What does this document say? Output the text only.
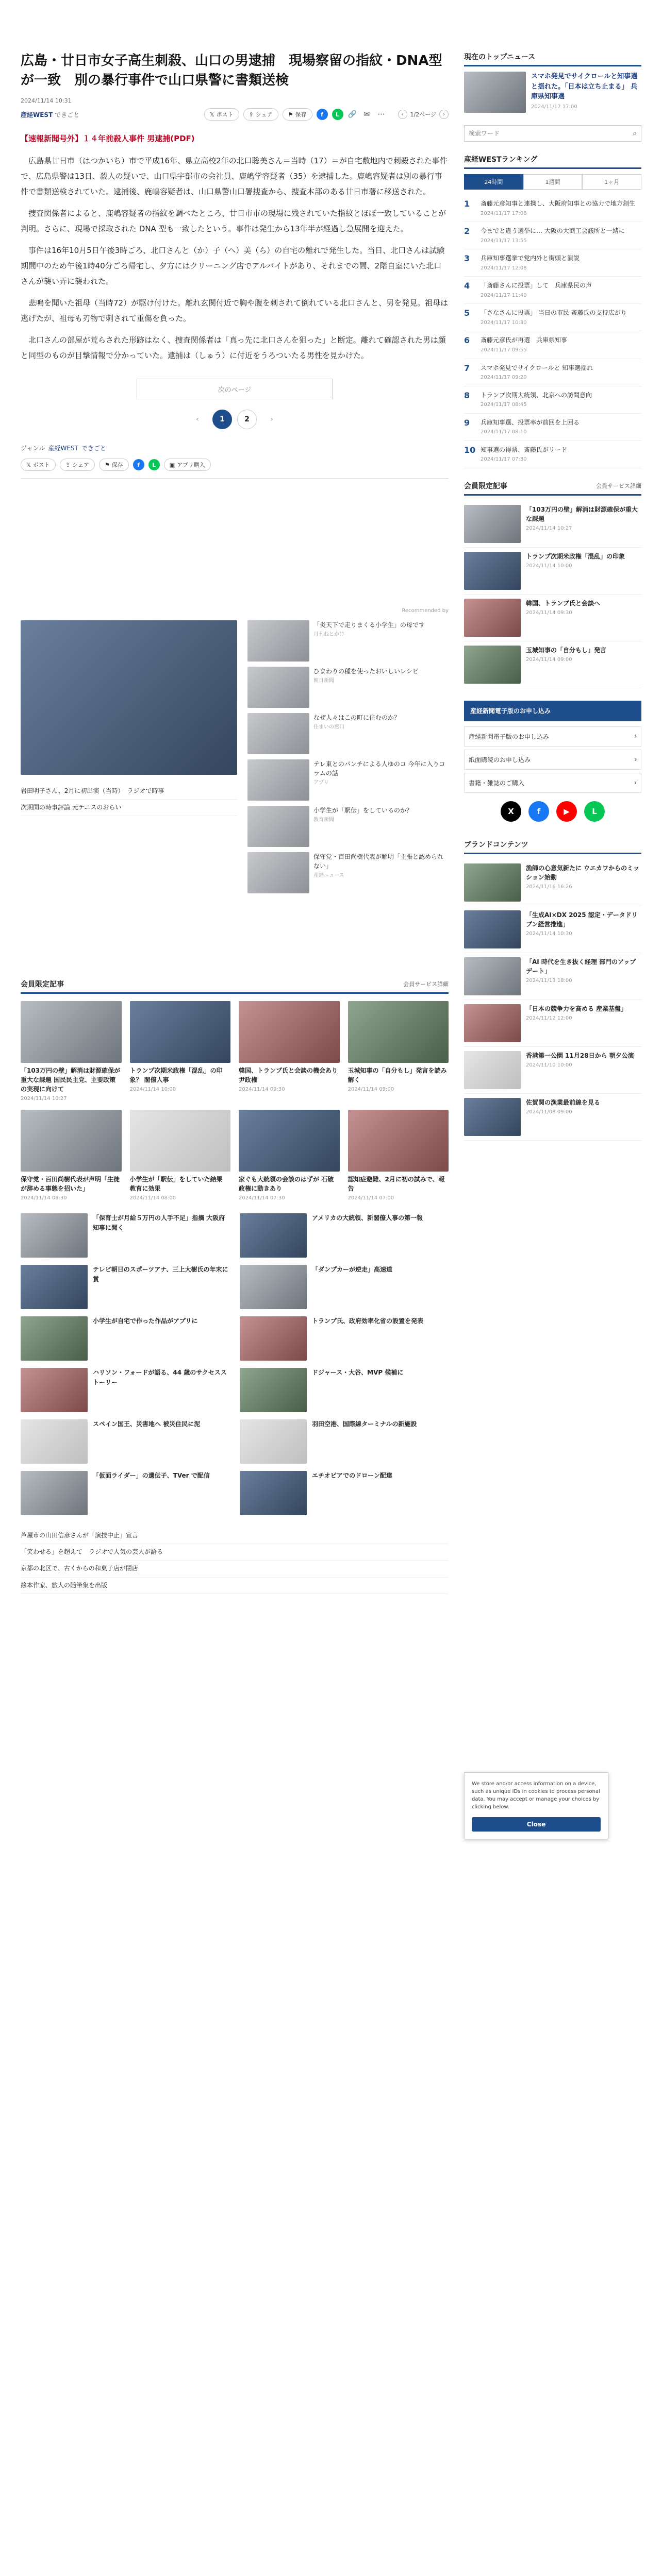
広島・廿日市女子高生刺殺、山口の男逮捕　現場察留の指紋・DNA型が一致　別の暴行事件で山口県警に書類送検
2024/11/14 10:31
産経WEST できごと	𝕏 ポスト	⇪ シェア	⚑ 保存	f	L	🔗 ✉ ⋯	‹	1/2ページ	›
【速報新聞号外】１４年前殺人事件 男逮捕(PDF)

広島県廿日市（はつかいち）市で平成16年、県立高校2年の北口聡美さん＝当時（17）＝が自宅敷地内で刺殺された事件で、広島県警は13日、殺人の疑いで、山口県宇部市の会社員、鹿嶋学容疑者（35）を逮捕した。鹿嶋容疑者は別の暴行事件で書類送検されていた。逮捕後、鹿嶋容疑者は、山口県警山口署捜査から、捜査本部のある廿日市署に移送された。

捜査関係者によると、鹿嶋容疑者の指紋を調べたところ、廿日市市の現場に残されていた指紋とほぼ一致していることが判明。さらに、現場で採取された DNA 型も一致したという。事件は発生から13年半が経過し急展開を迎えた。

事件は16年10月5日午後3時ごろ、北口さんと（か）子（へ）美（ら）の自宅の離れで発生した。当日、北口さんは試験期間中のため午後1時40分ごろ帰宅し、夕方にはクリーニング店でアルバイトがあり、それまでの間、2階自室にいた北口さんが襲い弄に襲われた。

悲鳴を聞いた祖母（当時72）が駆け付けた。離れ玄関付近で胸や腹を刺されて倒れている北口さんと、男を発見。祖母は逃げたが、祖母も刃物で刺されて重傷を負った。

北口さんの部屋が荒らされた形跡はなく、捜査関係者は「真っ先に北口さんを狙った」と断定。離れて確認された男は顔と同型のものが目撃情報で分かっていた。逮捕は（しゅう）に付近をうろついたる男性を見かけた。

次のページ
‹	1	2	›
ジャンル 産経WEST できごと
𝕏 ポスト	⇪ シェア	⚑ 保存	f	L	▣ アプリ購入
Recommended by
「炎天下で走りまくる小学生」の母です
月刊ねとかけ
ひまわりの種を使ったおいしいレシピ
朝日新聞
なぜ人々はこの町に住むのか？
住まいの窓口
テレ東とのパンチによる人ゆのコ 今年に入りコラムの話
アプリ
小学生が「駅伝」をしているのか？
教育新聞
保守党・百田尚樹代表が解明「主張と認められない」
産経ニュース
岩田明子さん、2月に初出演（当時）　ラジオで時事
次期開の時事評論 元テニスのおらい
会員限定記事	会員サービス詳細
「103万円の壁」解消は財源確保が重大な課題 国民民主党、主要政策の実現に向けて
2024/11/14 10:27
トランプ次期米政権「混乱」の印象？ 閣僚人事
2024/11/14 10:00
韓国、トランプ氏と会談の機会あり 尹政権
2024/11/14 09:30
玉城知事の「自分もし」発言を読み解く
2024/11/14 09:00
保守党・百田尚樹代表が声明「生徒が辞める事態を招いた」
2024/11/14 08:30
小学生が「駅伝」をしていた結果 教育に効果
2024/11/14 08:00
家ぐも大統領の会談のはずが 石破政権に動きあり
2024/11/14 07:30
認知症避難、2月に初の試みで、報告
2024/11/14 07:00
「保育士が月給５万円の人手不足」指摘 大阪府知事に聞く
テレビ朝日のスポーツアナ、三上大樹氏の年末に賞
小学生が自宅で作った作品がアプリに
ハリソン・フォードが語る、44 歳のサクセスストーリー
スペイン国王、災害地へ 被災住民に泥
「仮面ライダー」の遺伝子、TVer で配信
アメリカの大統領、新閣僚人事の第一報
「ダンプカーが逆走」高速道
トランプ氏、政府効率化省の設置を発表
ドジャース・大谷、MVP 候補に
羽田空港、国際線ターミナルの新施設
エチオピアでのドローン配達
芦屋市の山田信彦さんが「演技中止」宣言
「笑わせる」を超えて　ラジオで人気の芸人が語る
京都の北区で、古くからの和菓子店が閉店
絵本作家、旅人の随筆集を出版
現在のトップニュース
スマホ発見でサイクロールと知事選と揺れた。「日本は立ち止まる」 兵庫県知事選
2024/11/17 17:00
検索ワード
⌕
産経WESTランキング
24時間	1週間	1ヶ月
1	斎藤元彦知事と連携し、大阪府知事との協力で地方創生
2024/11/17 17:08
2	今までと違う選挙に… 大阪の大商工会議所と一緒に
2024/11/17 13:55
3	兵庫知事選挙で党内外と街頭と演説
2024/11/17 12:08
4	「斎藤さんに投票」して　兵庫県民の声
2024/11/17 11:40
5	「さなさんに投票」 当日の市民 斎藤氏の支持広がり
2024/11/17 10:30
6	斎藤元彦氏が再選　兵庫県知事
2024/11/17 09:55
7	スマホ発見でサイクロールと 知事選揺れ
2024/11/17 09:20
8	トランプ次期大統領、北京への訪問意向
2024/11/17 08:45
9	兵庫知事選、投票率が前回を上回る
2024/11/17 08:10
10 知事選の得票、斎藤氏がリード
2024/11/17 07:30
会員限定記事	会員サービス詳細
「103万円の壁」解消は財源確保が重大な課題
2024/11/14 10:27
トランプ次期米政権「混乱」の印象
2024/11/14 10:00
韓国、トランプ氏と会談へ
2024/11/14 09:30
玉城知事の「自分もし」発言
2024/11/14 09:00
産経新聞電子版のお申し込み
産経新聞電子版のお申し込み	›
紙面購読のお申し込み	›
書籍・雑誌のご購入	›
X	f	▶	L
ブランドコンテンツ
漁師の心意気新たに ウエカワからのミッション始動
2024/11/16 16:26
「生成AI×DX 2025 認定・データドリブン経営推進」
2024/11/14 10:30
「AI 時代を生き抜く経理 部門のアップデート」
2024/11/13 18:00
「日本の競争力を高める 産業基盤」
2024/11/12 12:00
香港第一公園 11月28日から 朝夕公演
2024/11/10 10:00
佐賀関の漁業最前線を見る
2024/11/08 09:00
We store and/or access information on a device, such as unique IDs in cookies to process personal data. You may accept or manage your choices by clicking below.
Close
